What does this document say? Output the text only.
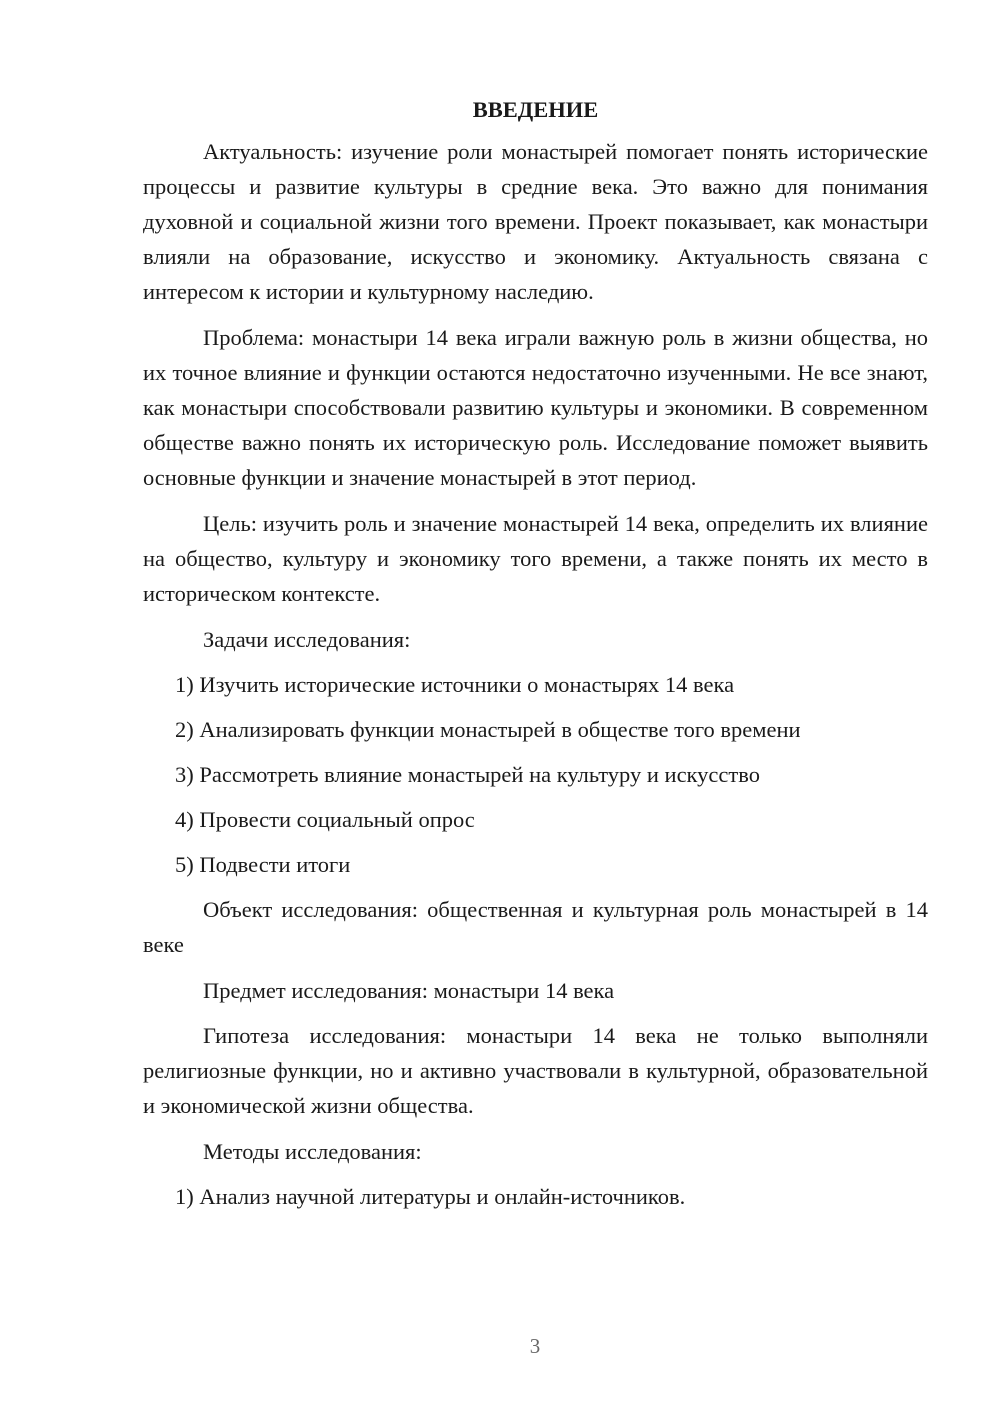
ВВЕДЕНИЕ

Актуальность: изучение роли монастырей помогает понять исторические процессы и развитие культуры в средние века. Это важно для понимания духовной и социальной жизни того времени. Проект показывает, как монастыри влияли на образование, искусство и экономику. Актуальность связана с интересом к истории и культурному наследию.

Проблема: монастыри 14 века играли важную роль в жизни общества, но их точное влияние и функции остаются недостаточно изученными. Не все знают, как монастыри способствовали развитию культуры и экономики. В современном обществе важно понять их историческую роль. Исследование поможет выявить основные функции и значение монастырей в этот период.

Цель: изучить роль и значение монастырей 14 века, определить их влияние на общество, культуру и экономику того времени, а также понять их место в историческом контексте.

Задачи исследования:
1) Изучить исторические источники о монастырях 14 века
2) Анализировать функции монастырей в обществе того времени
3) Рассмотреть влияние монастырей на культуру и искусство
4) Провести социальный опрос
5) Подвести итоги

Объект исследования: общественная и культурная роль монастырей в 14 веке

Предмет исследования: монастыри 14 века

Гипотеза исследования: монастыри 14 века не только выполняли религиозные функции, но и активно участвовали в культурной, образовательной и экономической жизни общества.

Методы исследования:
1) Анализ научной литературы и онлайн-источников.
3
